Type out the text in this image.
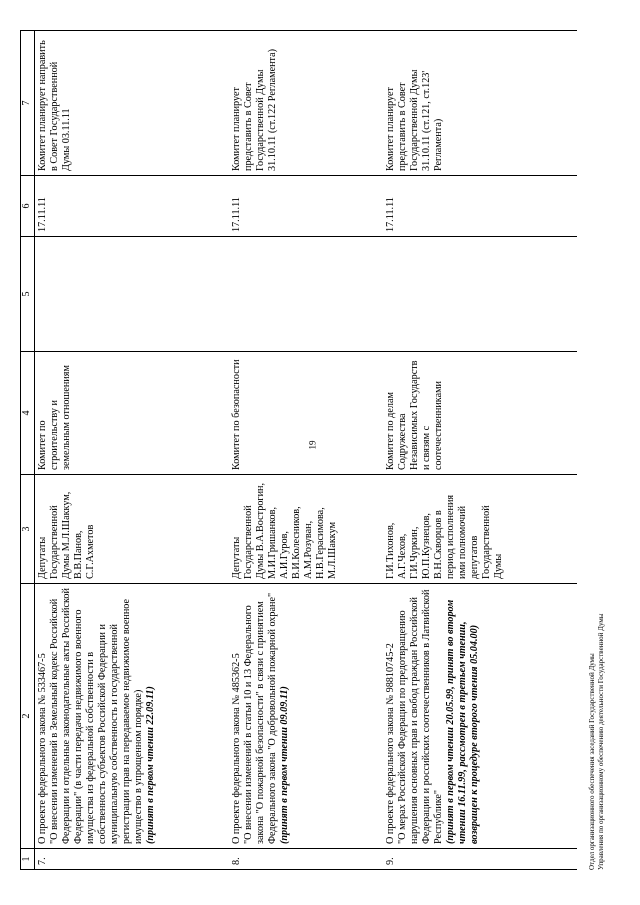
19
1	2	3	4	5	6	7
7.	О проекте федерального закона № 533467-5 "О внесении изменений в Земельный кодекс Российской Федерации и отдельные законодательные акты Российской Федерации" (в части передачи недвижимого военного имущества из федеральной собственности в собственность субъектов Российской Федерации и муниципальную собственность и государственной регистрации прав на передаваемое недвижимое военное имущество в упрощенном порядке) (принят в первом чтении 22.09.11)	Депутаты Государственной Думы М.Л.Шаккум, В.В.Панов, С.Г.Ахметов	Комитет по строительству и земельным отношениям		17.11.11	Комитет планирует направить в Совет Государственной Думы 03.11.11
8.	О проекте федерального закона № 485362-5 "О внесении изменений в статьи 10 и 13 Федерального закона "О пожарной безопасности" в связи с принятием Федерального закона "О добровольной пожарной охране" (принят в первом чтении 09.09.11)	Депутаты Государственной Думы В.А.Вострогин, М.И.Гришанков, А.И.Гуров, В.И.Колесников, А.М.Розуван, Н.В.Герасимова, М.Л.Шаккум	Комитет по безопасности		17.11.11	Комитет планирует представить в Совет Государственной Думы 31.10.11 (ст.122 Регламента)
9.	О проекте федерального закона № 98810745-2 "О мерах Российской Федерации по предотвращению нарушения основных прав и свобод граждан Российской Федерации и российских соотечественников в Латвийской Республике" (принят в первом чтении 20.05.99, принят во втором чтении 16.11.99, рассмотрен в третьем чтении, возвращен к процедуре второго чтения 05.04.00)	Г.И.Тихонов, А.Г.Чехов, Г.И.Чуркин, Ю.П.Кузнецов, В.Н.Скворцов в период исполнения ими полномочий депутатов Государственной Думы	Комитет по делам Содружества Независимых Государств и связям с соотечественниками		17.11.11	Комитет планирует представить в Совет Государственной Думы 31.10.11 (ст.121, ст.123' Регламента)
Отдел организационного обеспечения заседаний Государственной Думы Управления по организационному обеспечению деятельности Государственной Думы
